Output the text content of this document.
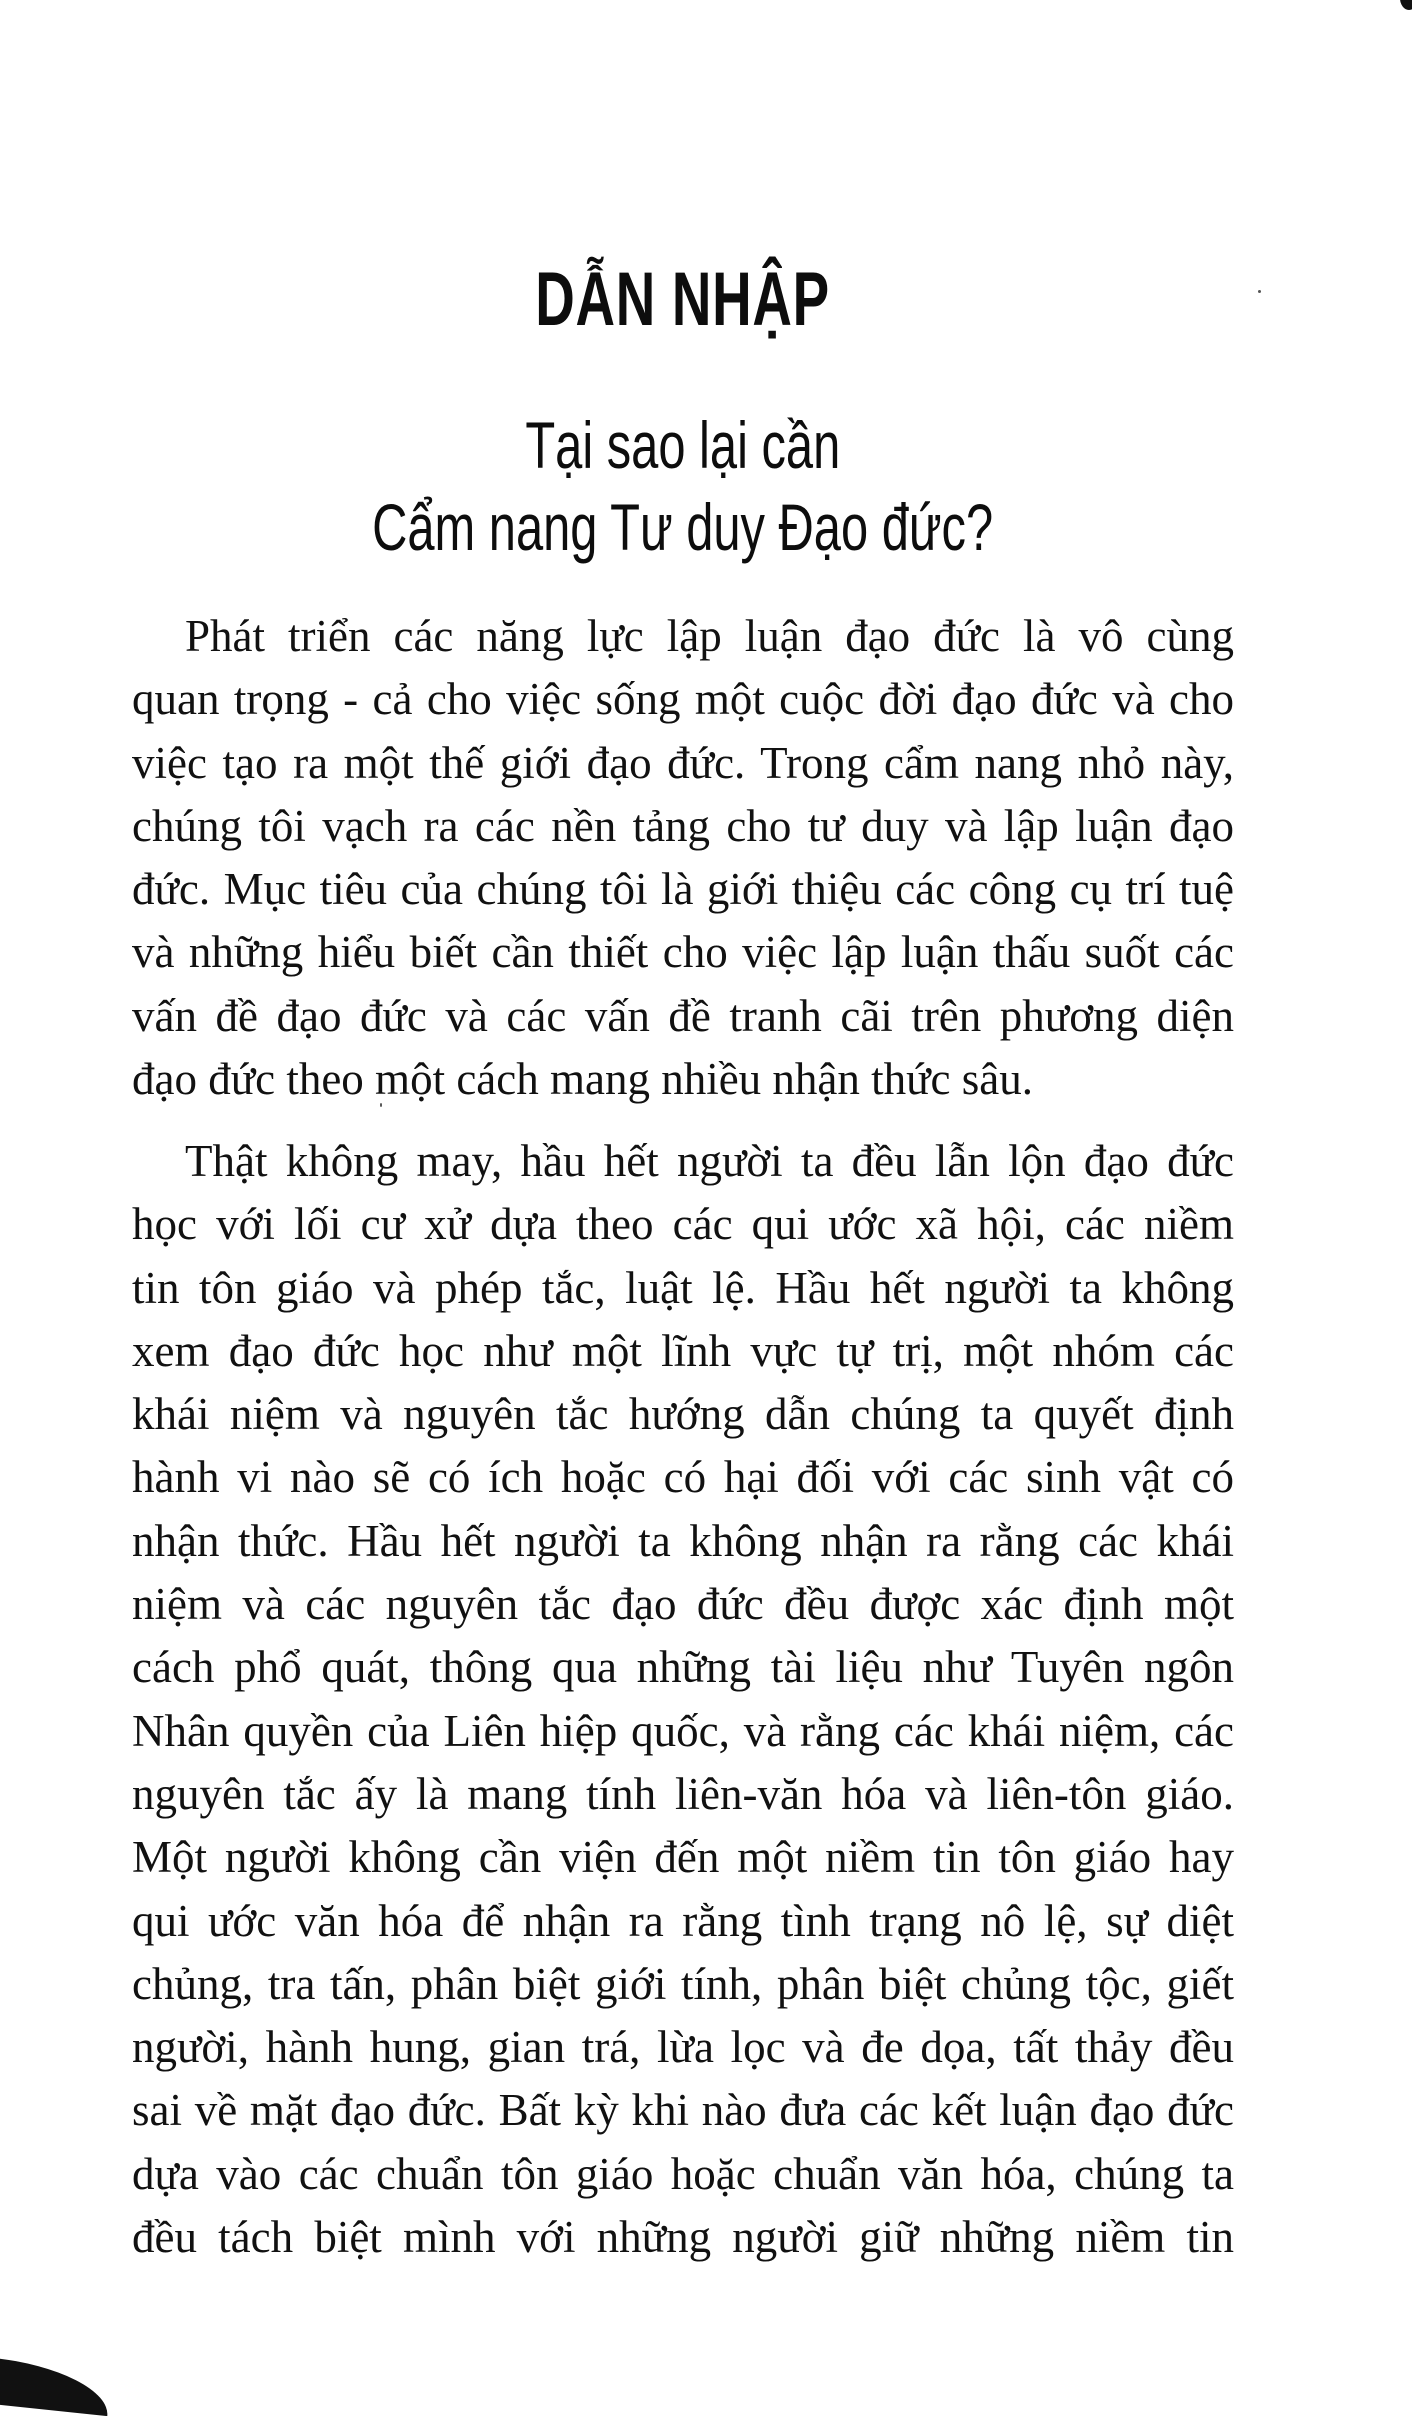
DẪN NHẬP
Tại sao lại cần
Cẩm nang Tư duy Đạo đức?
Phát triển các năng lực lập luận đạo đức là vô cùng
quan trọng - cả cho việc sống một cuộc đời đạo đức và cho
việc tạo ra một thế giới đạo đức. Trong cẩm nang nhỏ này,
chúng tôi vạch ra các nền tảng cho tư duy và lập luận đạo
đức. Mục tiêu của chúng tôi là giới thiệu các công cụ trí tuệ
và những hiểu biết cần thiết cho việc lập luận thấu suốt các
vấn đề đạo đức và các vấn đề tranh cãi trên phương diện
đạo đức theo một cách mang nhiều nhận thức sâu.
Thật không may, hầu hết người ta đều lẫn lộn đạo đức
học với lối cư xử dựa theo các qui ước xã hội, các niềm
tin tôn giáo và phép tắc, luật lệ. Hầu hết người ta không
xem đạo đức học như một lĩnh vực tự trị, một nhóm các
khái niệm và nguyên tắc hướng dẫn chúng ta quyết định
hành vi nào sẽ có ích hoặc có hại đối với các sinh vật có
nhận thức. Hầu hết người ta không nhận ra rằng các khái
niệm và các nguyên tắc đạo đức đều được xác định một
cách phổ quát, thông qua những tài liệu như Tuyên ngôn
Nhân quyền của Liên hiệp quốc, và rằng các khái niệm, các
nguyên tắc ấy là mang tính liên-văn hóa và liên-tôn giáo.
Một người không cần viện đến một niềm tin tôn giáo hay
qui ước văn hóa để nhận ra rằng tình trạng nô lệ, sự diệt
chủng, tra tấn, phân biệt giới tính, phân biệt chủng tộc, giết
người, hành hung, gian trá, lừa lọc và đe dọa, tất thảy đều
sai về mặt đạo đức. Bất kỳ khi nào đưa các kết luận đạo đức
dựa vào các chuẩn tôn giáo hoặc chuẩn văn hóa, chúng ta
đều tách biệt mình với những người giữ những niềm tin
